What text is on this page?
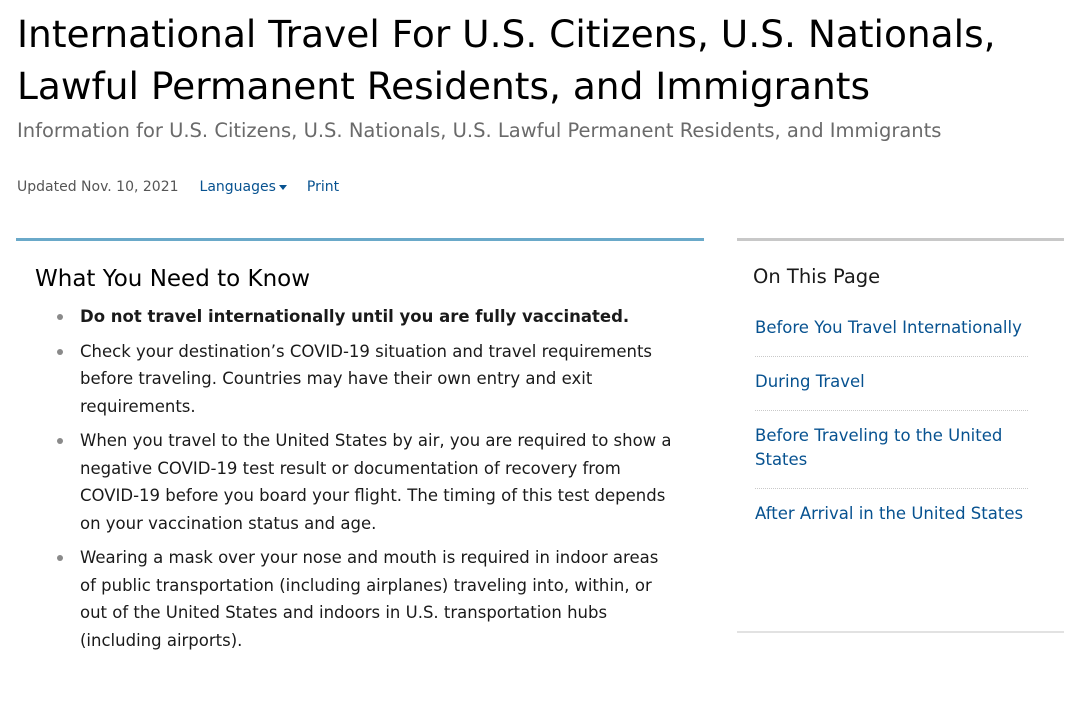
International Travel For U.S. Citizens, U.S. Nationals, Lawful Permanent Residents, and Immigrants

Information for U.S. Citizens, U.S. Nationals, U.S. Lawful Permanent Residents, and Immigrants

Updated Nov. 10, 2021 Languages Print
What You Need to Know
Do not travel internationally until you are fully vaccinated.
Check your destination’s COVID-19 situation and travel requirements before traveling. Countries may have their own entry and exit requirements.
When you travel to the United States by air, you are required to show a negative COVID-19 test result or documentation of recovery from COVID-19 before you board your flight. The timing of this test depends on your vaccination status and age.
Wearing a mask over your nose and mouth is required in indoor areas of public transportation (including airplanes) traveling into, within, or out of the United States and indoors in U.S. transportation hubs (including airports).
On This Page
Before You Travel Internationally
During Travel
Before Traveling to the United States
After Arrival in the United States
